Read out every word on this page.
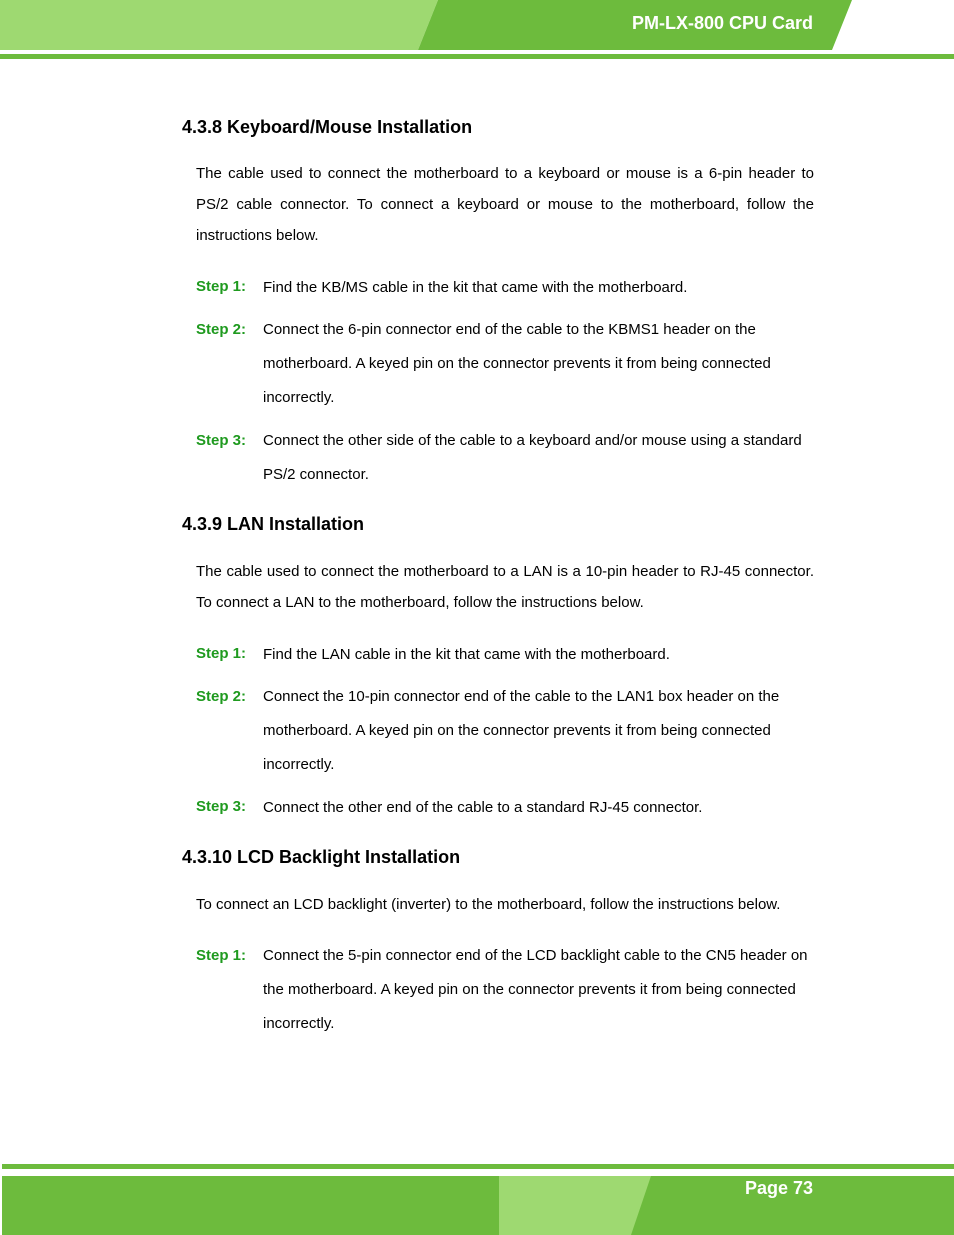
PM-LX-800 CPU Card
4.3.8 Keyboard/Mouse Installation

The cable used to connect the motherboard to a keyboard or mouse is a 6-pin header to PS/2 cable connector. To connect a keyboard or mouse to the motherboard, follow the instructions below.

Step 1: Find the KB/MS cable in the kit that came with the motherboard.

Step 2: Connect the 6-pin connector end of the cable to the KBMS1 header on the motherboard. A keyed pin on the connector prevents it from being connected incorrectly.

Step 3: Connect the other side of the cable to a keyboard and/or mouse using a standard PS/2 connector.

4.3.9 LAN Installation

The cable used to connect the motherboard to a LAN is a 10-pin header to RJ-45 connector. To connect a LAN to the motherboard, follow the instructions below.

Step 1: Find the LAN cable in the kit that came with the motherboard.

Step 2: Connect the 10-pin connector end of the cable to the LAN1 box header on the motherboard. A keyed pin on the connector prevents it from being connected incorrectly.

Step 3: Connect the other end of the cable to a standard RJ-45 connector.

4.3.10 LCD Backlight Installation

To connect an LCD backlight (inverter) to the motherboard, follow the instructions below.

Step 1: Connect the 5-pin connector end of the LCD backlight cable to the CN5 header on the motherboard. A keyed pin on the connector prevents it from being connected incorrectly.

Page 73
